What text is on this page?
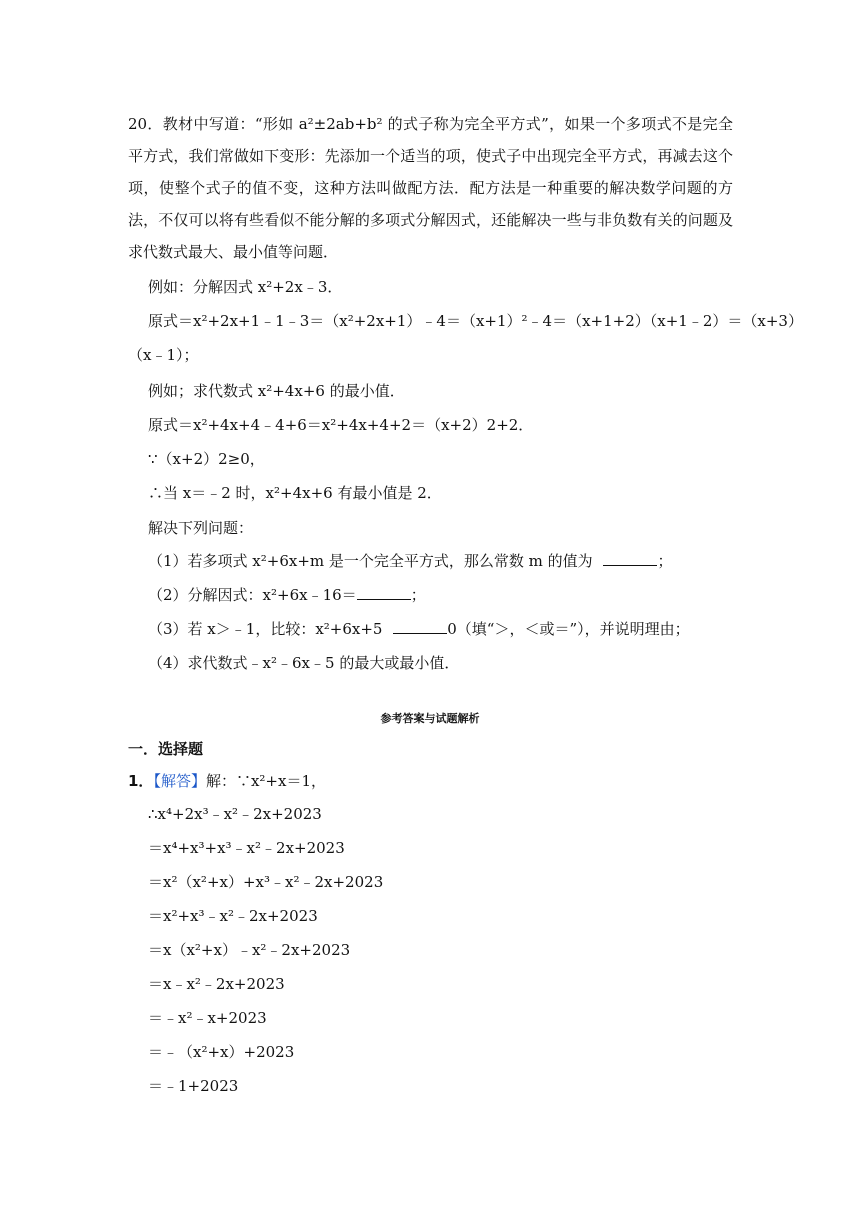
20．教材中写道：“形如 a²±2ab+b² 的式子称为完全平方式”，如果一个多项式不是完全平方式，我们常做如下变形：先添加一个适当的项，使式子中出现完全平方式，再减去这个项，使整个式子的值不变，这种方法叫做配方法．配方法是一种重要的解决数学问题的方法，不仅可以将有些看似不能分解的多项式分解因式，还能解决一些与非负数有关的问题及求代数式最大、最小值等问题．
例如：分解因式 x²+2x﹣3．
原式＝x²+2x+1﹣1﹣3＝（x²+2x+1）﹣4＝（x+1）²﹣4＝（x+1+2）（x+1﹣2）＝（x+3）
（x﹣1）；
例如；求代数式 x²+4x+6 的最小值．
原式＝x²+4x+4﹣4+6＝x²+4x+4+2＝（x+2）2+2．
∵（x+2）2≥0，
∴当 x＝﹣2 时，x²+4x+6 有最小值是 2．
解决下列问题：
（1）若多项式 x²+6x+m 是一个完全平方式，那么常数 m 的值为	；
（2）分解因式：x²+6x﹣16＝	；
（3）若 x＞﹣1，比较：x²+6x+5	0（填“＞，＜或＝”），并说明理由；
（4）求代数式﹣x²﹣6x﹣5 的最大或最小值．
参考答案与试题解析
一．选择题
1．【解答】解：∵x²+x＝1，
∴x⁴+2x³﹣x²﹣2x+2023
＝x⁴+x³+x³﹣x²﹣2x+2023
＝x²（x²+x）+x³﹣x²﹣2x+2023
＝x²+x³﹣x²﹣2x+2023
＝x（x²+x）﹣x²﹣2x+2023
＝x﹣x²﹣2x+2023
＝﹣x²﹣x+2023
＝﹣（x²+x）+2023
＝﹣1+2023
